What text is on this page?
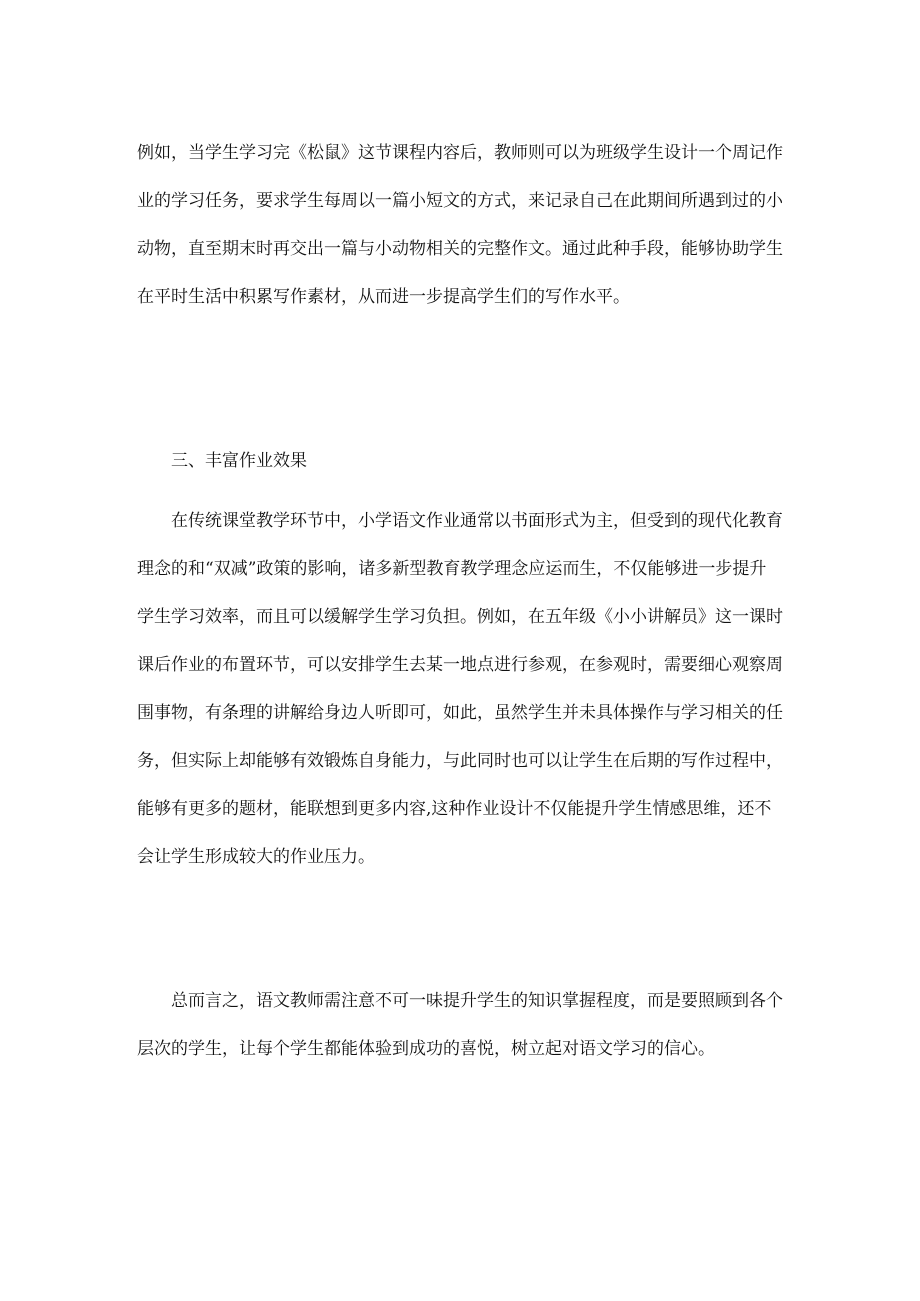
例如，当学生学习完《松鼠》这节课程内容后，教师则可以为班级学生设计一个周记作
业的学习任务，要求学生每周以一篇小短文的方式，来记录自己在此期间所遇到过的小
动物，直至期末时再交出一篇与小动物相关的完整作文。通过此种手段，能够协助学生
在平时生活中积累写作素材，从而进一步提高学生们的写作水平。
三、丰富作业效果
在传统课堂教学环节中，小学语文作业通常以书面形式为主，但受到的现代化教育
理念的和“双减”政策的影响，诸多新型教育教学理念应运而生，不仅能够进一步提升
学生学习效率，而且可以缓解学生学习负担。例如，在五年级《小小讲解员》这一课时
课后作业的布置环节，可以安排学生去某一地点进行参观，在参观时，需要细心观察周
围事物，有条理的讲解给身边人听即可，如此，虽然学生并未具体操作与学习相关的任
务，但实际上却能够有效锻炼自身能力，与此同时也可以让学生在后期的写作过程中，
能够有更多的题材，能联想到更多内容,这种作业设计不仅能提升学生情感思维，还不
会让学生形成较大的作业压力。
总而言之，语文教师需注意不可一味提升学生的知识掌握程度，而是要照顾到各个
层次的学生，让每个学生都能体验到成功的喜悦，树立起对语文学习的信心。
